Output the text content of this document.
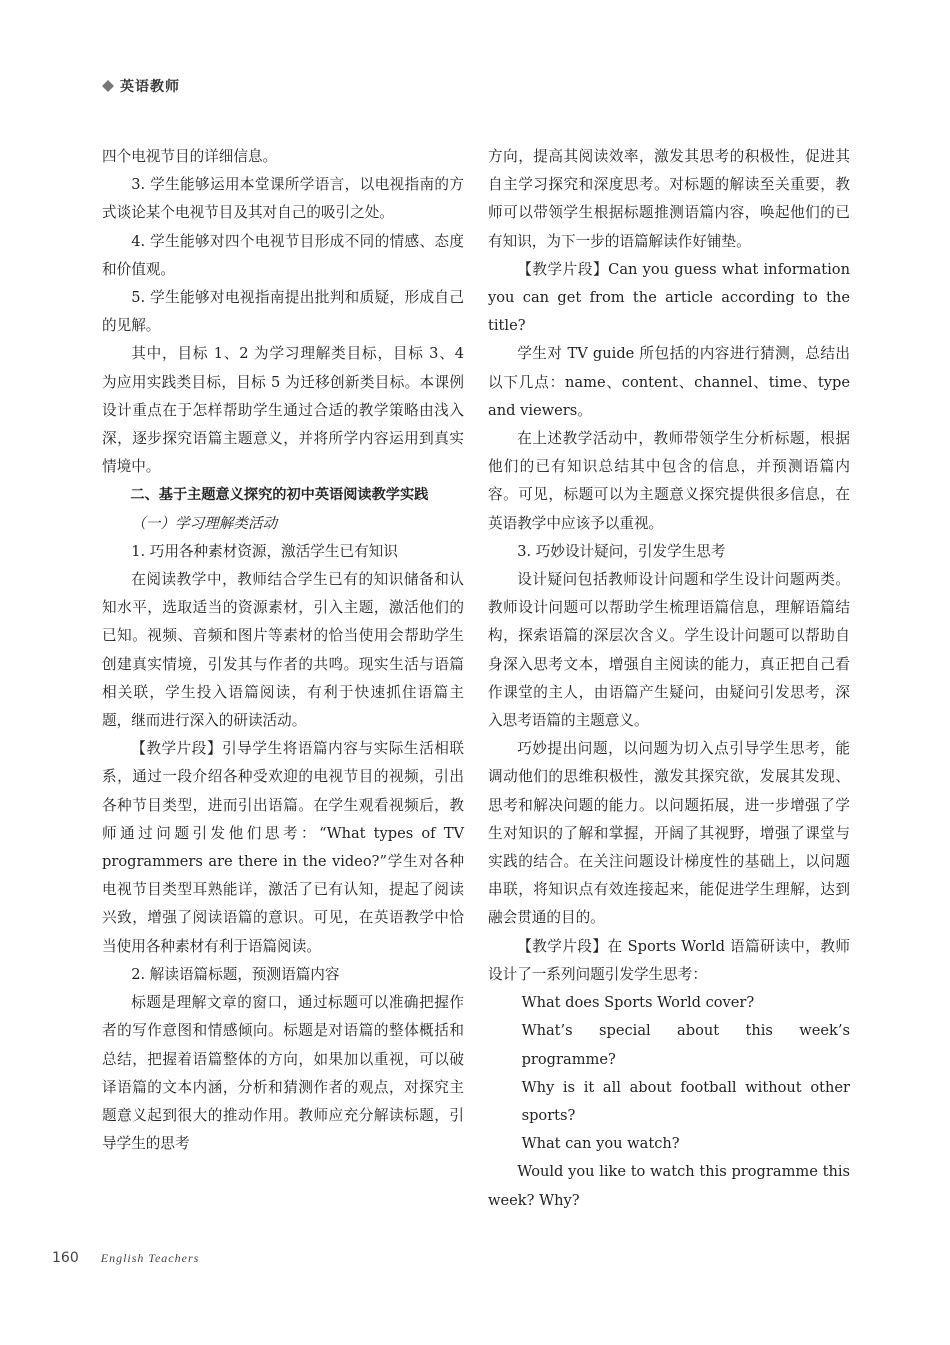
英语教师

四个电视节目的详细信息。

3. 学生能够运用本堂课所学语言，以电视指南的方式谈论某个电视节目及其对自己的吸引之处。

4. 学生能够对四个电视节目形成不同的情感、态度和价值观。

5. 学生能够对电视指南提出批判和质疑，形成自己的见解。

其中，目标 1、2 为学习理解类目标，目标 3、4 为应用实践类目标，目标 5 为迁移创新类目标。本课例设计重点在于怎样帮助学生通过合适的教学策略由浅入深，逐步探究语篇主题意义，并将所学内容运用到真实情境中。

二、基于主题意义探究的初中英语阅读教学实践

（一）学习理解类活动

1. 巧用各种素材资源，激活学生已有知识

在阅读教学中，教师结合学生已有的知识储备和认知水平，选取适当的资源素材，引入主题，激活他们的已知。视频、音频和图片等素材的恰当使用会帮助学生创建真实情境，引发其与作者的共鸣。现实生活与语篇相关联，学生投入语篇阅读，有利于快速抓住语篇主题，继而进行深入的研读活动。

【教学片段】引导学生将语篇内容与实际生活相联系，通过一段介绍各种受欢迎的电视节目的视频，引出各种节目类型，进而引出语篇。在学生观看视频后，教师通过问题引发他们思考：“What types of TV programmers are there in the video?”学生对各种电视节目类型耳熟能详，激活了已有认知，提起了阅读兴致，增强了阅读语篇的意识。可见，在英语教学中恰当使用各种素材有利于语篇阅读。

2. 解读语篇标题，预测语篇内容

标题是理解文章的窗口，通过标题可以准确把握作者的写作意图和情感倾向。标题是对语篇的整体概括和总结，把握着语篇整体的方向，如果加以重视，可以破译语篇的文本内涵，分析和猜测作者的观点，对探究主题意义起到很大的推动作用。教师应充分解读标题，引导学生的思考

方向，提高其阅读效率，激发其思考的积极性，促进其自主学习探究和深度思考。对标题的解读至关重要，教师可以带领学生根据标题推测语篇内容，唤起他们的已有知识，为下一步的语篇解读作好铺垫。

【教学片段】Can you guess what information you can get from the article according to the title?

学生对 TV guide 所包括的内容进行猜测，总结出以下几点：name、content、channel、time、type and viewers。

在上述教学活动中，教师带领学生分析标题，根据他们的已有知识总结其中包含的信息，并预测语篇内容。可见，标题可以为主题意义探究提供很多信息，在英语教学中应该予以重视。

3. 巧妙设计疑问，引发学生思考

设计疑问包括教师设计问题和学生设计问题两类。教师设计问题可以帮助学生梳理语篇信息，理解语篇结构，探索语篇的深层次含义。学生设计问题可以帮助自身深入思考文本，增强自主阅读的能力，真正把自己看作课堂的主人，由语篇产生疑问，由疑问引发思考，深入思考语篇的主题意义。

巧妙提出问题，以问题为切入点引导学生思考，能调动他们的思维积极性，激发其探究欲，发展其发现、思考和解决问题的能力。以问题拓展，进一步增强了学生对知识的了解和掌握，开阔了其视野，增强了课堂与实践的结合。在关注问题设计梯度性的基础上，以问题串联，将知识点有效连接起来，能促进学生理解，达到融会贯通的目的。

【教学片段】在 Sports World 语篇研读中，教师设计了一系列问题引发学生思考：

What does Sports World cover?

What’s special about this week’s programme?

Why is it all about football without other sports?

What can you watch?

Would you like to watch this programme this week? Why?

160 English Teachers
